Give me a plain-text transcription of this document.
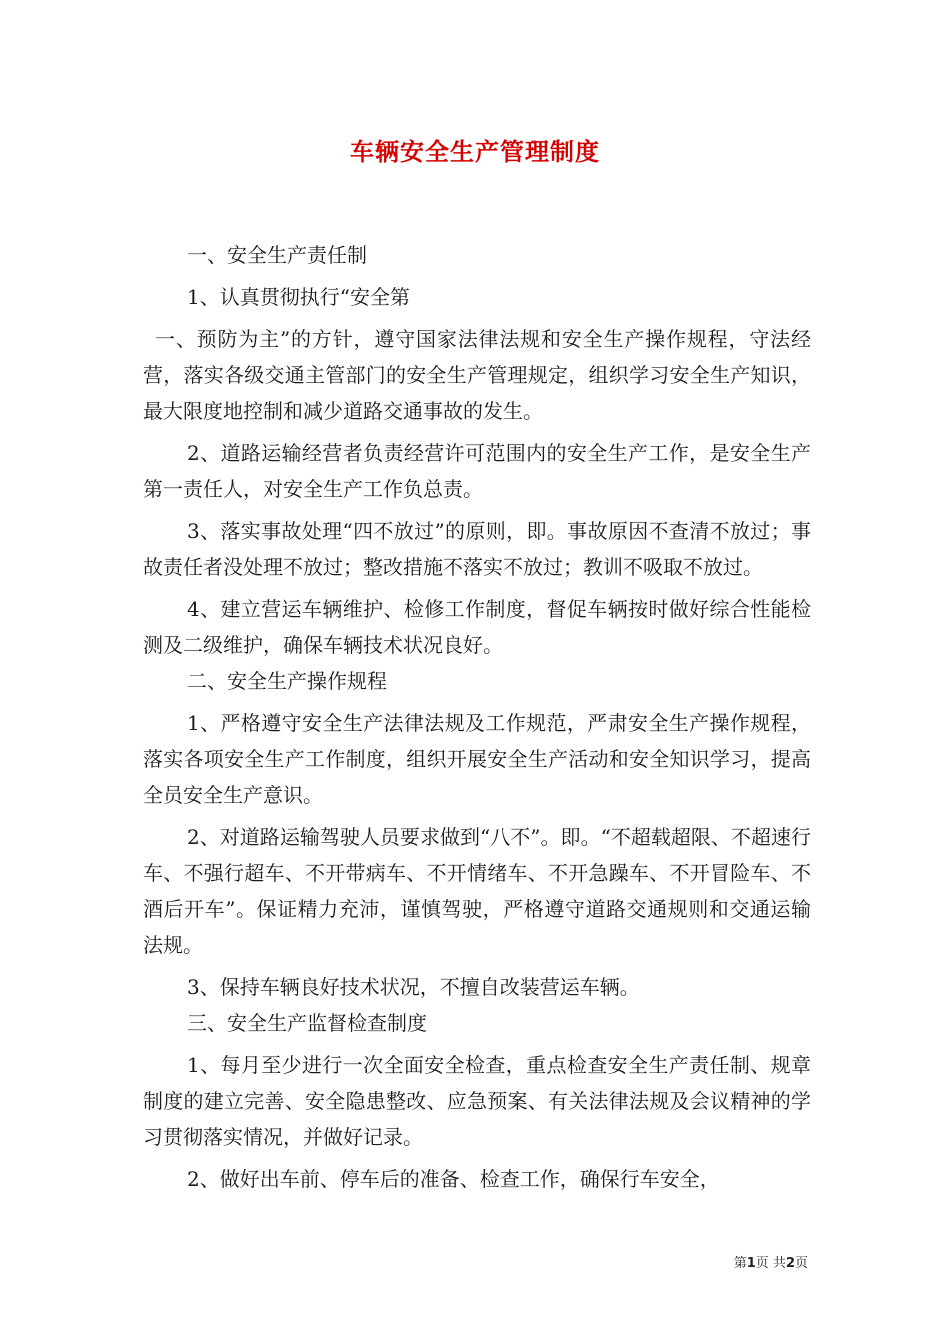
车辆安全生产管理制度

一、安全生产责任制

1、认真贯彻执行“安全第

一、预防为主”的方针，遵守国家法律法规和安全生产操作规程，守法经营，落实各级交通主管部门的安全生产管理规定，组织学习安全生产知识，最大限度地控制和减少道路交通事故的发生。

2、道路运输经营者负责经营许可范围内的安全生产工作，是安全生产第一责任人，对安全生产工作负总责。

3、落实事故处理“四不放过”的原则，即。事故原因不查清不放过；事故责任者没处理不放过；整改措施不落实不放过；教训不吸取不放过。

4、建立营运车辆维护、检修工作制度，督促车辆按时做好综合性能检测及二级维护，确保车辆技术状况良好。

二、安全生产操作规程

1、严格遵守安全生产法律法规及工作规范，严肃安全生产操作规程，落实各项安全生产工作制度，组织开展安全生产活动和安全知识学习，提高全员安全生产意识。

2、对道路运输驾驶人员要求做到“八不”。即。“不超载超限、不超速行车、不强行超车、不开带病车、不开情绪车、不开急躁车、不开冒险车、不酒后开车”。保证精力充沛，谨慎驾驶，严格遵守道路交通规则和交通运输法规。

3、保持车辆良好技术状况，不擅自改装营运车辆。

三、安全生产监督检查制度

1、每月至少进行一次全面安全检查，重点检查安全生产责任制、规章制度的建立完善、安全隐患整改、应急预案、有关法律法规及会议精神的学习贯彻落实情况，并做好记录。

2、做好出车前、停车后的准备、检查工作，确保行车安全，

第1页 共2页
